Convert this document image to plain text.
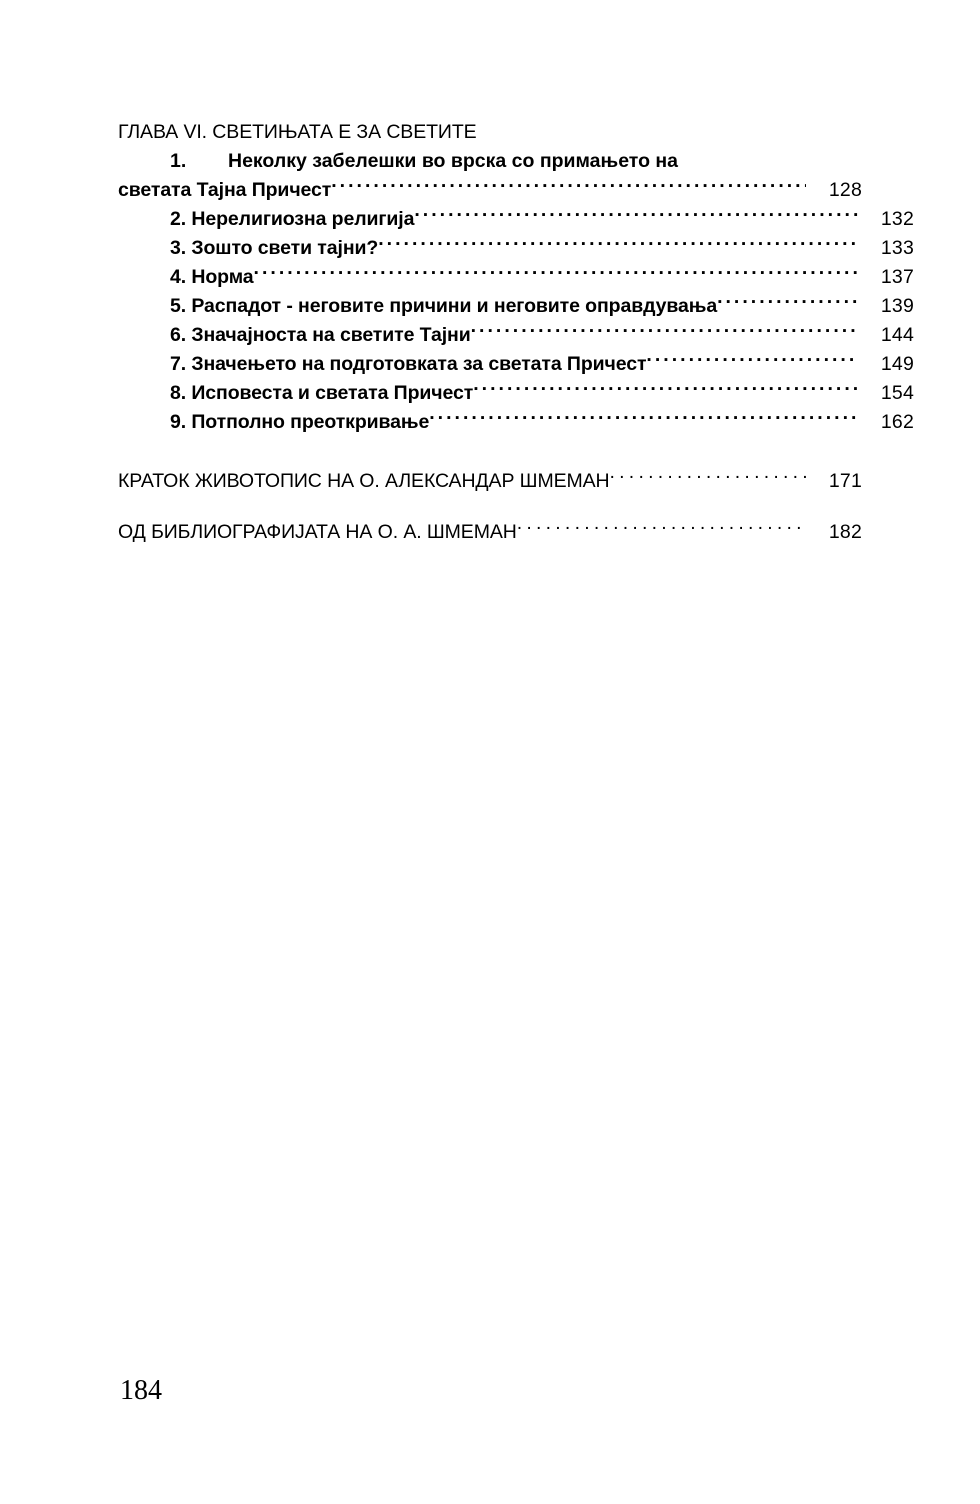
ГЛАВА VI. СВЕТИЊАТА Е ЗА СВЕТИТЕ
1. Неколку забелешки во врска со примањето на
светата Тајна Причест . . .	128
2. Нерелигиозна религија . . .	132
3. Зошто свети тајни? . . .	133
4. Норма . . .	137
5. Распадот - неговите причини и неговите оправдувања . . .	139
6. Значајноста на светите Тајни . . .	144
7. Значењето на подготовката за светата Причест . . .	149
8. Исповеста и светата Причест . . .	154
9. Потполно преоткривање . . .	162
КРАТОК ЖИВОТОПИС НА О. АЛЕКСАНДАР ШМЕМАН . . .	171
ОД БИБЛИОГРАФИЈАТА НА О. А. ШМЕМАН . . .	182
184
